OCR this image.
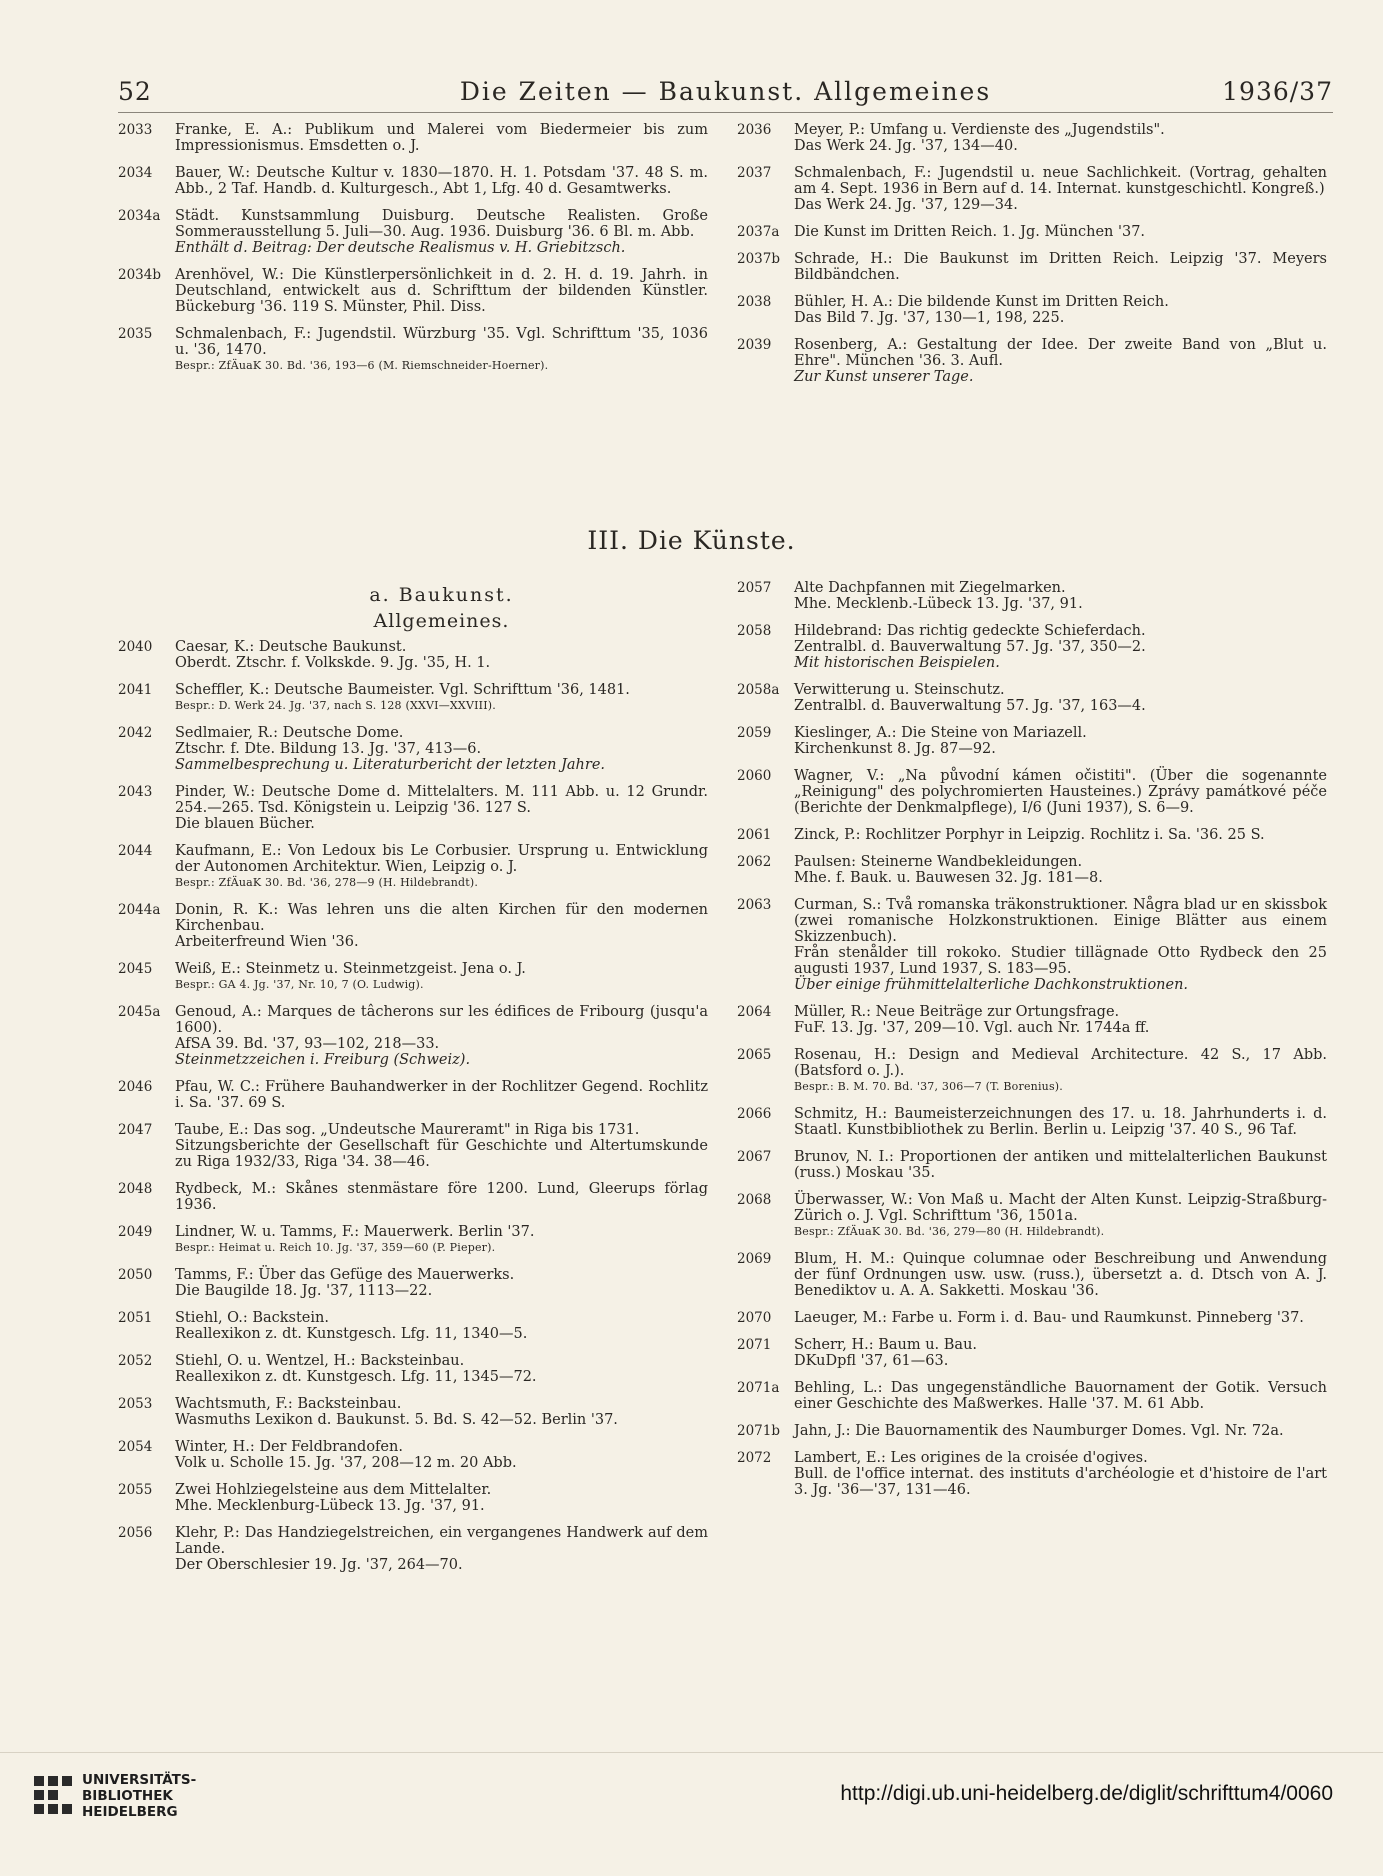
52	Die Zeiten — Baukunst. Allgemeines	1936/37
2033	Franke, E. A.: Publikum und Malerei vom Biedermeier bis zum Impressionismus. Emsdetten o. J.
2034	Bauer, W.: Deutsche Kultur v. 1830—1870. H. 1. Potsdam '37. 48 S. m. Abb., 2 Taf. Handb. d. Kulturgesch., Abt 1, Lfg. 40 d. Gesamtwerks.
2034a	Städt. Kunstsammlung Duisburg. Deutsche Realisten. Große Sommerausstellung 5. Juli—30. Aug. 1936. Duisburg '36. 6 Bl. m. Abb.
Enthält d. Beitrag: Der deutsche Realismus v. H. Griebitzsch.
2034b Arenhövel, W.: Die Künstlerpersönlichkeit in d. 2. H. d. 19. Jahrh. in Deutschland, entwickelt aus d. Schrifttum der bildenden Künstler. Bückeburg '36. 119 S. Münster, Phil. Diss.
2035	Schmalenbach, F.: Jugendstil. Würzburg '35. Vgl. Schrifttum '35, 1036 u. '36, 1470.
Bespr.: ZfÄuaK 30. Bd. '36, 193—6 (M. Riemschneider-Hoerner).
2036	Meyer, P.: Umfang u. Verdienste des „Jugendstils".
Das Werk 24. Jg. '37, 134—40.
2037	Schmalenbach, F.: Jugendstil u. neue Sachlichkeit. (Vortrag, gehalten am 4. Sept. 1936 in Bern auf d. 14. Internat. kunstgeschichtl. Kongreß.)
Das Werk 24. Jg. '37, 129—34.
2037a	Die Kunst im Dritten Reich. 1. Jg. München '37.
2037b Schrade, H.: Die Baukunst im Dritten Reich. Leipzig '37. Meyers Bildbändchen.
2038	Bühler, H. A.: Die bildende Kunst im Dritten Reich.
Das Bild 7. Jg. '37, 130—1, 198, 225.
2039	Rosenberg, A.: Gestaltung der Idee. Der zweite Band von „Blut u. Ehre". München '36. 3. Aufl.
Zur Kunst unserer Tage.
III. Die Künste.
a. Baukunst.
Allgemeines.
2040	Caesar, K.: Deutsche Baukunst.
Oberdt. Ztschr. f. Volkskde. 9. Jg. '35, H. 1.
2041	Scheffler, K.: Deutsche Baumeister. Vgl. Schrifttum '36, 1481.
Bespr.: D. Werk 24. Jg. '37, nach S. 128 (XXVI—XXVIII).
2042	Sedlmaier, R.: Deutsche Dome.
Ztschr. f. Dte. Bildung 13. Jg. '37, 413—6.
Sammelbesprechung u. Literaturbericht der letzten Jahre.
2043	Pinder, W.: Deutsche Dome d. Mittelalters. M. 111 Abb. u. 12 Grundr. 254.—265. Tsd. Königstein u. Leipzig '36. 127 S.
Die blauen Bücher.
2044	Kaufmann, E.: Von Ledoux bis Le Corbusier. Ursprung u. Entwicklung der Autonomen Architektur. Wien, Leipzig o. J.
Bespr.: ZfÄuaK 30. Bd. '36, 278—9 (H. Hildebrandt).
2044a	Donin, R. K.: Was lehren uns die alten Kirchen für den modernen Kirchenbau.
Arbeiterfreund Wien '36.
2045	Weiß, E.: Steinmetz u. Steinmetzgeist. Jena o. J.
Bespr.: GA 4. Jg. '37, Nr. 10, 7 (O. Ludwig).
2045a	Genoud, A.: Marques de tâcherons sur les édifices de Fribourg (jusqu'a 1600).
AfSA 39. Bd. '37, 93—102, 218—33.
Steinmetzzeichen i. Freiburg (Schweiz).
2046	Pfau, W. C.: Frühere Bauhandwerker in der Rochlitzer Gegend. Rochlitz i. Sa. '37. 69 S.
2047	Taube, E.: Das sog. „Undeutsche Maureramt" in Riga bis 1731.
Sitzungsberichte der Gesellschaft für Geschichte und Altertumskunde zu Riga 1932/33, Riga '34. 38—46.
2048	Rydbeck, M.: Skånes stenmästare före 1200. Lund, Gleerups förlag 1936.
2049	Lindner, W. u. Tamms, F.: Mauerwerk. Berlin '37.
Bespr.: Heimat u. Reich 10. Jg. '37, 359—60 (P. Pieper).
2050	Tamms, F.: Über das Gefüge des Mauerwerks.
Die Baugilde 18. Jg. '37, 1113—22.
2051	Stiehl, O.: Backstein.
Reallexikon z. dt. Kunstgesch. Lfg. 11, 1340—5.
2052	Stiehl, O. u. Wentzel, H.: Backsteinbau.
Reallexikon z. dt. Kunstgesch. Lfg. 11, 1345—72.
2053	Wachtsmuth, F.: Backsteinbau.
Wasmuths Lexikon d. Baukunst. 5. Bd. S. 42—52. Berlin '37.
2054	Winter, H.: Der Feldbrandofen.
Volk u. Scholle 15. Jg. '37, 208—12 m. 20 Abb.
2055	Zwei Hohlziegelsteine aus dem Mittelalter.
Mhe. Mecklenburg-Lübeck 13. Jg. '37, 91.
2056	Klehr, P.: Das Handziegelstreichen, ein vergangenes Handwerk auf dem Lande.
Der Oberschlesier 19. Jg. '37, 264—70.
2057	Alte Dachpfannen mit Ziegelmarken.
Mhe. Mecklenb.-Lübeck 13. Jg. '37, 91.
2058	Hildebrand: Das richtig gedeckte Schieferdach.
Zentralbl. d. Bauverwaltung 57. Jg. '37, 350—2.
Mit historischen Beispielen.
2058a	Verwitterung u. Steinschutz.
Zentralbl. d. Bauverwaltung 57. Jg. '37, 163—4.
2059	Kieslinger, A.: Die Steine von Mariazell.
Kirchenkunst 8. Jg. 87—92.
2060	Wagner, V.: „Na původní kámen očistiti". (Über die sogenannte „Reinigung" des polychromierten Hausteines.) Zprávy památkové péče (Berichte der Denkmalpflege), I/6 (Juni 1937), S. 6—9.
2061	Zinck, P.: Rochlitzer Porphyr in Leipzig. Rochlitz i. Sa. '36. 25 S.
2062	Paulsen: Steinerne Wandbekleidungen.
Mhe. f. Bauk. u. Bauwesen 32. Jg. 181—8.
2063	Curman, S.: Två romanska träkonstruktioner. Några blad ur en skissbok (zwei romanische Holzkonstruktionen. Einige Blätter aus einem Skizzenbuch).
Från stenålder till rokoko. Studier tillägnade Otto Rydbeck den 25 augusti 1937, Lund 1937, S. 183—95.
Über einige frühmittelalterliche Dachkonstruktionen.
2064	Müller, R.: Neue Beiträge zur Ortungsfrage.
FuF. 13. Jg. '37, 209—10. Vgl. auch Nr. 1744a ff.
2065	Rosenau, H.: Design and Medieval Architecture. 42 S., 17 Abb. (Batsford o. J.).
Bespr.: B. M. 70. Bd. '37, 306—7 (T. Borenius).
2066	Schmitz, H.: Baumeisterzeichnungen des 17. u. 18. Jahrhunderts i. d. Staatl. Kunstbibliothek zu Berlin. Berlin u. Leipzig '37. 40 S., 96 Taf.
2067	Brunov, N. I.: Proportionen der antiken und mittelalterlichen Baukunst (russ.) Moskau '35.
2068	Überwasser, W.: Von Maß u. Macht der Alten Kunst. Leipzig-Straßburg-Zürich o. J. Vgl. Schrifttum '36, 1501a.
Bespr.: ZfÄuaK 30. Bd. '36, 279—80 (H. Hildebrandt).
2069	Blum, H. M.: Quinque columnae oder Beschreibung und Anwendung der fünf Ordnungen usw. usw. (russ.), übersetzt a. d. Dtsch von A. J. Benediktov u. A. A. Sakketti. Moskau '36.
2070	Laeuger, M.: Farbe u. Form i. d. Bau- und Raumkunst. Pinneberg '37.
2071	Scherr, H.: Baum u. Bau.
DKuDpfl '37, 61—63.
2071a	Behling, L.: Das ungegenständliche Bauornament der Gotik. Versuch einer Geschichte des Maßwerkes. Halle '37. M. 61 Abb.
2071b Jahn, J.: Die Bauornamentik des Naumburger Domes. Vgl. Nr. 72a.
2072	Lambert, E.: Les origines de la croisée d'ogives.
Bull. de l'office internat. des instituts d'archéologie et d'histoire de l'art 3. Jg. '36—'37, 131—46.
UNIVERSITÄTS-
BIBLIOTHEK
HEIDELBERG
http://digi.ub.uni-heidelberg.de/diglit/schrifttum4/0060
